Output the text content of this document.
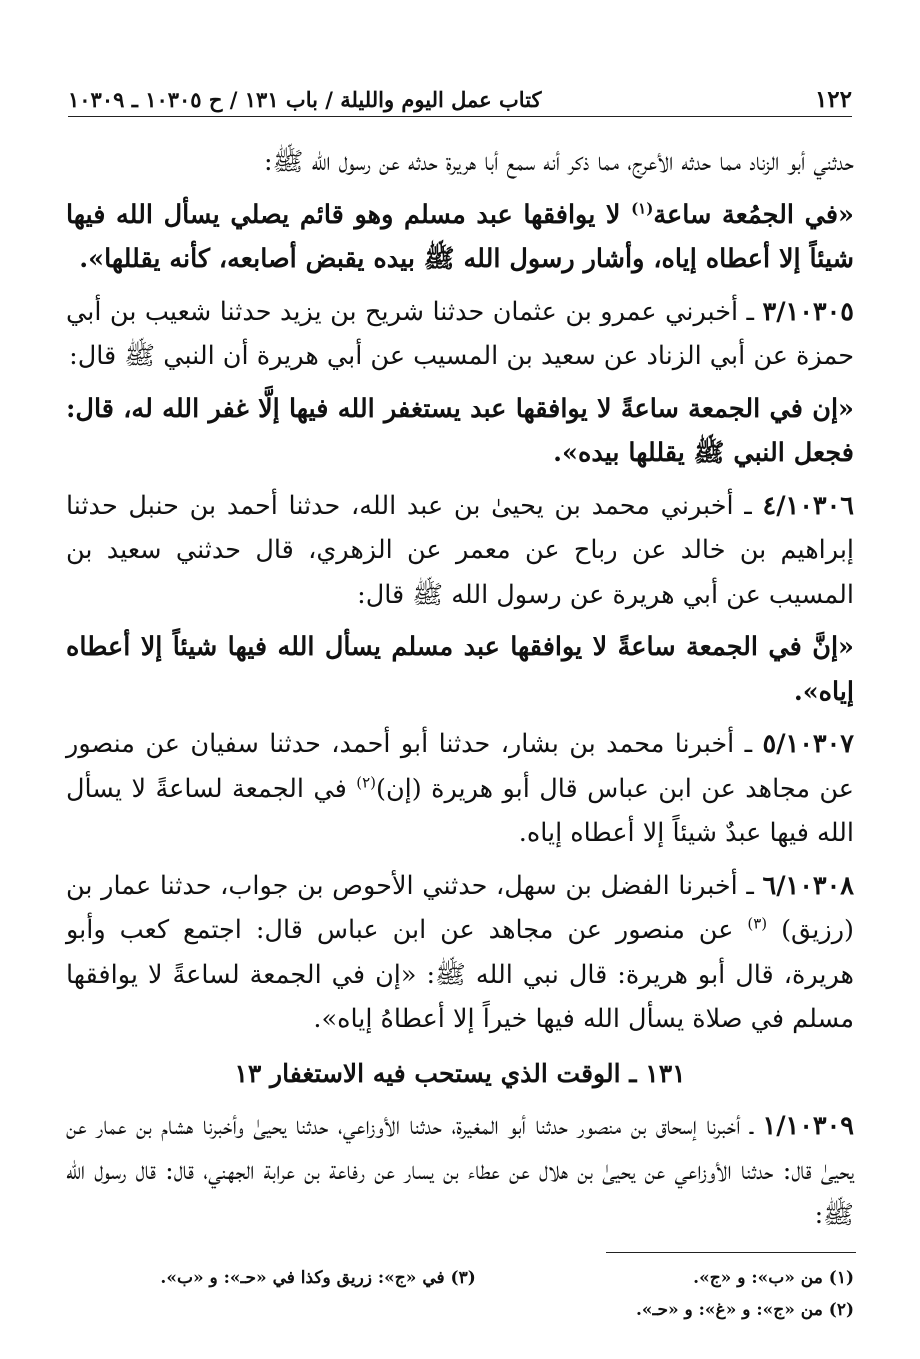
١٢٢
كتاب عمل اليوم والليلة / باب ١٣١ / ح ١٠٣٠٥ ـ ١٠٣٠٩

حدثني أبو الزناد مما حدثه الأعرج، مما ذكر أنه سمع أبا هريرة حدثه عن رسول الله ﷺ:

«في الجمُعة ساعة$^{(١)}$ لا يوافقها عبد مسلم وهو قائم يصلي يسأل الله فيها شيئاً إلا أعطاه إياه، وأشار رسول الله ﷺ بيده يقبض أصابعه، كأنه يقللها».

٣/١٠٣٠٥ ـ أخبرني عمرو بن عثمان حدثنا شريح بن يزيد حدثنا شعيب بن أبي حمزة عن أبي الزناد عن سعيد بن المسيب عن أبي هريرة أن النبي ﷺ قال:

«إن في الجمعة ساعةً لا يوافقها عبد يستغفر الله فيها إلَّا غفر الله له، قال: فجعل النبي ﷺ يقللها بيده».

٤/١٠٣٠٦ ـ أخبرني محمد بن يحيىٰ بن عبد الله، حدثنا أحمد بن حنبل حدثنا إبراهيم بن خالد عن رباح عن معمر عن الزهري، قال حدثني سعيد بن المسيب عن أبي هريرة عن رسول الله ﷺ قال:

«إنَّ في الجمعة ساعةً لا يوافقها عبد مسلم يسأل الله فيها شيئاً إلا أعطاه إياه».

٥/١٠٣٠٧ ـ أخبرنا محمد بن بشار، حدثنا أبو أحمد، حدثنا سفيان عن منصور عن مجاهد عن ابن عباس قال أبو هريرة (إن)$^{(٢)}$ في الجمعة لساعةً لا يسأل الله فيها عبدٌ شيئاً إلا أعطاه إياه.

٦/١٠٣٠٨ ـ أخبرنا الفضل بن سهل، حدثني الأحوص بن جواب، حدثنا عمار بن (رزيق) $^{(٣)}$ عن منصور عن مجاهد عن ابن عباس قال: اجتمع كعب وأبو هريرة، قال أبو هريرة: قال نبي الله ﷺ: «إن في الجمعة لساعةً لا يوافقها مسلم في صلاة يسأل الله فيها خيراً إلا أعطاهُ إياه».

١٣١ ـ الوقت الذي يستحب فيه الاستغفار ١٣

١/١٠٣٠٩ ـ أخبرنا إسحاق بن منصور حدثنا أبو المغيرة، حدثنا الأوزاعي، حدثنا يحيىٰ وأخبرنا هشام بن عمار عن يحيىٰ قال: حدثنا الأوزاعي عن يحيىٰ بن هلال عن عطاء بن يسار عن رفاعة بن عرابة الجهني، قال: قال رسول الله ﷺ:

(١) من «ب»: و «ج».
(٣) في «ج»: زريق وكذا في «حـ»: و «ب».
(٢) من «ج»: و «غ»: و «حـ».
